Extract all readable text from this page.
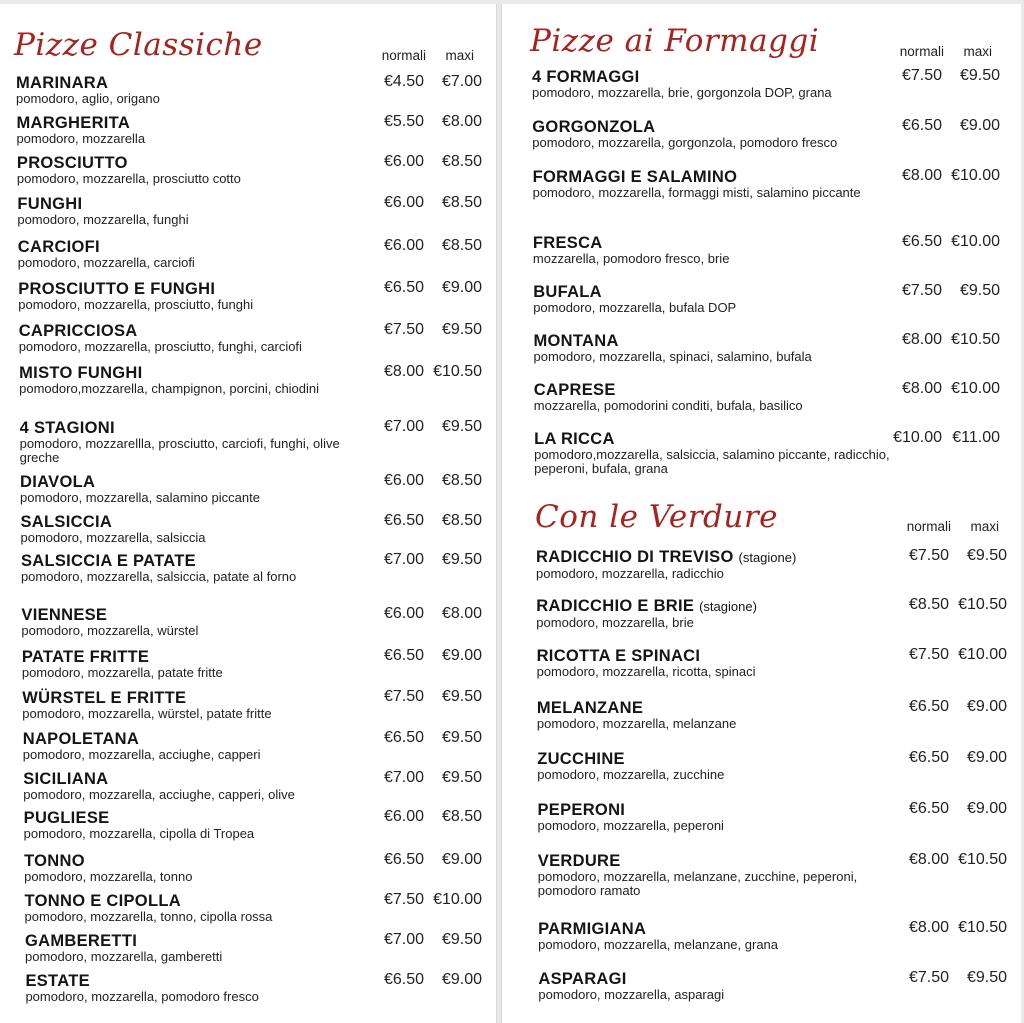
Pizze Classiche	normali maxi
MARINARA
pomodoro, aglio, origano
€4.50	€7.00
MARGHERITA
pomodoro, mozzarella
€5.50	€8.00
PROSCIUTTO
pomodoro, mozzarella, prosciutto cotto
€6.00	€8.50
FUNGHI
pomodoro, mozzarella, funghi
€6.00	€8.50
CARCIOFI
pomodoro, mozzarella, carciofi
€6.00	€8.50
PROSCIUTTO E FUNGHI
pomodoro, mozzarella, prosciutto, funghi
€6.50	€9.00
CAPRICCIOSA
pomodoro, mozzarella, prosciutto, funghi, carciofi
€7.50	€9.50
MISTO FUNGHI
pomodoro,mozzarella, champignon, porcini, chiodini
€8.00 €10.50
4 STAGIONI
pomodoro, mozzarellla, prosciutto, carciofi, funghi, olive greche
€7.00	€9.50
DIAVOLA
pomodoro, mozzarella, salamino piccante
€6.00	€8.50
SALSICCIA
pomodoro, mozzarella, salsiccia
€6.50	€8.50
SALSICCIA E PATATE
pomodoro, mozzarella, salsiccia, patate al forno
€7.00	€9.50
VIENNESE
pomodoro, mozzarella, würstel
€6.00	€8.00
PATATE FRITTE
pomodoro, mozzarella, patate fritte
€6.50	€9.00
WÜRSTEL E FRITTE
pomodoro, mozzarella, würstel, patate fritte
€7.50	€9.50
NAPOLETANA
pomodoro, mozzarella, acciughe, capperi
€6.50	€9.50
SICILIANA
pomodoro, mozzarella, acciughe, capperi, olive
€7.00	€9.50
PUGLIESE
pomodoro, mozzarella, cipolla di Tropea
€6.00	€8.50
TONNO
pomodoro, mozzarella, tonno
€6.50	€9.00
TONNO E CIPOLLA
pomodoro, mozzarella, tonno, cipolla rossa
€7.50 €10.00
GAMBERETTI
pomodoro, mozzarella, gamberetti
€7.00	€9.50
ESTATE
pomodoro, mozzarella, pomodoro fresco
€6.50	€9.00
Pizze ai Formaggi	normali maxi
4 FORMAGGI
pomodoro, mozzarella, brie, gorgonzola DOP, grana
€7.50	€9.50
GORGONZOLA
pomodoro, mozzarella, gorgonzola, pomodoro fresco
€6.50	€9.00
FORMAGGI E SALAMINO
pomodoro, mozzarella, formaggi misti, salamino piccante
€8.00 €10.00
FRESCA
mozzarella, pomodoro fresco, brie
€6.50 €10.00
BUFALA
pomodoro, mozzarella, bufala DOP
€7.50	€9.50
MONTANA
pomodoro, mozzarella, spinaci, salamino, bufala
€8.00 €10.50
CAPRESE
mozzarella, pomodorini conditi, bufala, basilico
€8.00 €10.00
LA RICCA
pomodoro,mozzarella, salsiccia, salamino piccante, radicchio, peperoni, bufala, grana
€10.00 €11.00
Con le Verdure	normali maxi
RADICCHIO DI TREVISO (stagione)
pomodoro, mozzarella, radicchio
€7.50	€9.50
RADICCHIO E BRIE (stagione)
pomodoro, mozzarella, brie
€8.50 €10.50
RICOTTA E SPINACI
pomodoro, mozzarella, ricotta, spinaci
€7.50 €10.00
MELANZANE
pomodoro, mozzarella, melanzane
€6.50	€9.00
ZUCCHINE
pomodoro, mozzarella, zucchine
€6.50	€9.00
PEPERONI
pomodoro, mozzarella, peperoni
€6.50	€9.00
VERDURE
pomodoro, mozzarella, melanzane, zucchine, peperoni, pomodoro ramato
€8.00 €10.50
PARMIGIANA
pomodoro, mozzarella, melanzane, grana
€8.00 €10.50
ASPARAGI
pomodoro, mozzarella, asparagi
€7.50	€9.50
